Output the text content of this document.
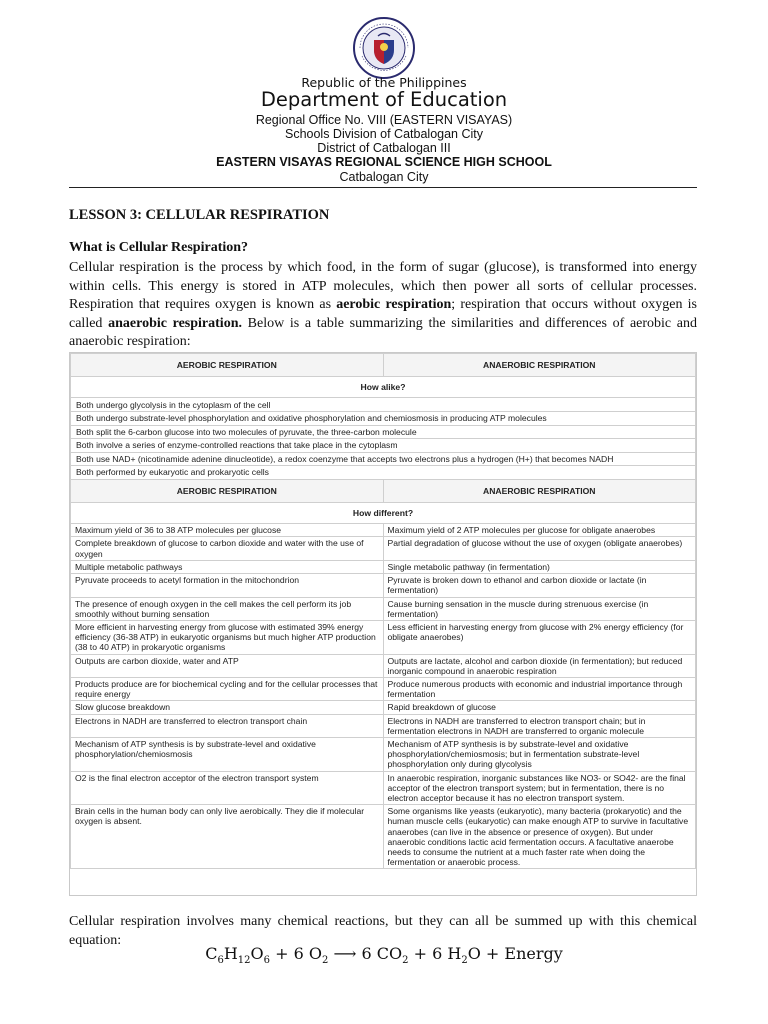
Republic of the Philippines
Department of Education
Regional Office No. VIII (EASTERN VISAYAS)
Schools Division of Catbalogan City
District of Catbalogan III
EASTERN VISAYAS REGIONAL SCIENCE HIGH SCHOOL
Catbalogan City
LESSON 3: CELLULAR RESPIRATION
What is Cellular Respiration?
Cellular respiration is the process by which food, in the form of sugar (glucose), is transformed into energy within cells. This energy is stored in ATP molecules, which then power all sorts of cellular processes. Respiration that requires oxygen is known as aerobic respiration; respiration that occurs without oxygen is called anaerobic respiration. Below is a table summarizing the similarities and differences of aerobic and anaerobic respiration:
AEROBIC RESPIRATION	ANAEROBIC RESPIRATION
How alike?	
Both undergo glycolysis in the cytoplasm of the cell	
Both undergo substrate-level phosphorylation and oxidative phosphorylation and chemiosmosis in producing ATP molecules	
Both split the 6-carbon glucose into two molecules of pyruvate, the three-carbon molecule	
Both involve a series of enzyme-controlled reactions that take place in the cytoplasm	
Both use NAD+ (nicotinamide adenine dinucleotide), a redox coenzyme that accepts two electrons plus a hydrogen (H+) that becomes NADH	
Both performed by eukaryotic and prokaryotic cells	
AEROBIC RESPIRATION	ANAEROBIC RESPIRATION
How different?	
Maximum yield of 36 to 38 ATP molecules per glucose	Maximum yield of 2 ATP molecules per glucose for obligate anaerobes
Complete breakdown of glucose to carbon dioxide and water with the use of oxygen	Partial degradation of glucose without the use of oxygen (obligate anaerobes)
Multiple metabolic pathways	Single metabolic pathway (in fermentation)
Pyruvate proceeds to acetyl formation in the mitochondrion	Pyruvate is broken down to ethanol and carbon dioxide or lactate (in fermentation)
The presence of enough oxygen in the cell makes the cell perform its job smoothly without burning sensation	Cause burning sensation in the muscle during strenuous exercise (in fermentation)
More efficient in harvesting energy from glucose with estimated 39% energy efficiency (36-38 ATP) in eukaryotic organisms but much higher ATP production (38 to 40 ATP) in prokaryotic organisms	Less efficient in harvesting energy from glucose with 2% energy efficiency (for obligate anaerobes)
Outputs are carbon dioxide, water and ATP	Outputs are lactate, alcohol and carbon dioxide (in fermentation); but reduced inorganic compound in anaerobic respiration
Products produce are for biochemical cycling and for the cellular processes that require energy	Produce numerous products with economic and industrial importance through fermentation
Slow glucose breakdown	Rapid breakdown of glucose
Electrons in NADH are transferred to electron transport chain	Electrons in NADH are transferred to electron transport chain; but in fermentation electrons in NADH are transferred to organic molecule
Mechanism of ATP synthesis is by substrate-level and oxidative phosphorylation/chemiosmosis	Mechanism of ATP synthesis is by substrate-level and oxidative phosphorylation/chemiosmosis; but in fermentation substrate-level phosphorylation only during glycolysis
O2 is the final electron acceptor of the electron transport system	In anaerobic respiration, inorganic substances like NO3- or SO42- are the final acceptor of the electron transport system; but in fermentation, there is no electron acceptor because it has no electron transport system.
Brain cells in the human body can only live aerobically. They die if molecular oxygen is absent.	Some organisms like yeasts (eukaryotic), many bacteria (prokaryotic) and the human muscle cells (eukaryotic) can make enough ATP to survive in facultative anaerobes (can live in the absence or presence of oxygen). But under anaerobic conditions lactic acid fermentation occurs. A facultative anaerobe needs to consume the nutrient at a much faster rate when doing the fermentation or anaerobic process.
Cellular respiration involves many chemical reactions, but they can all be summed up with this chemical equation:
$C_6H_{12}O_6 + 6$ $O_2$ ⟶ 6 $CO_2 + 6$ $H_2O$ + Energy
